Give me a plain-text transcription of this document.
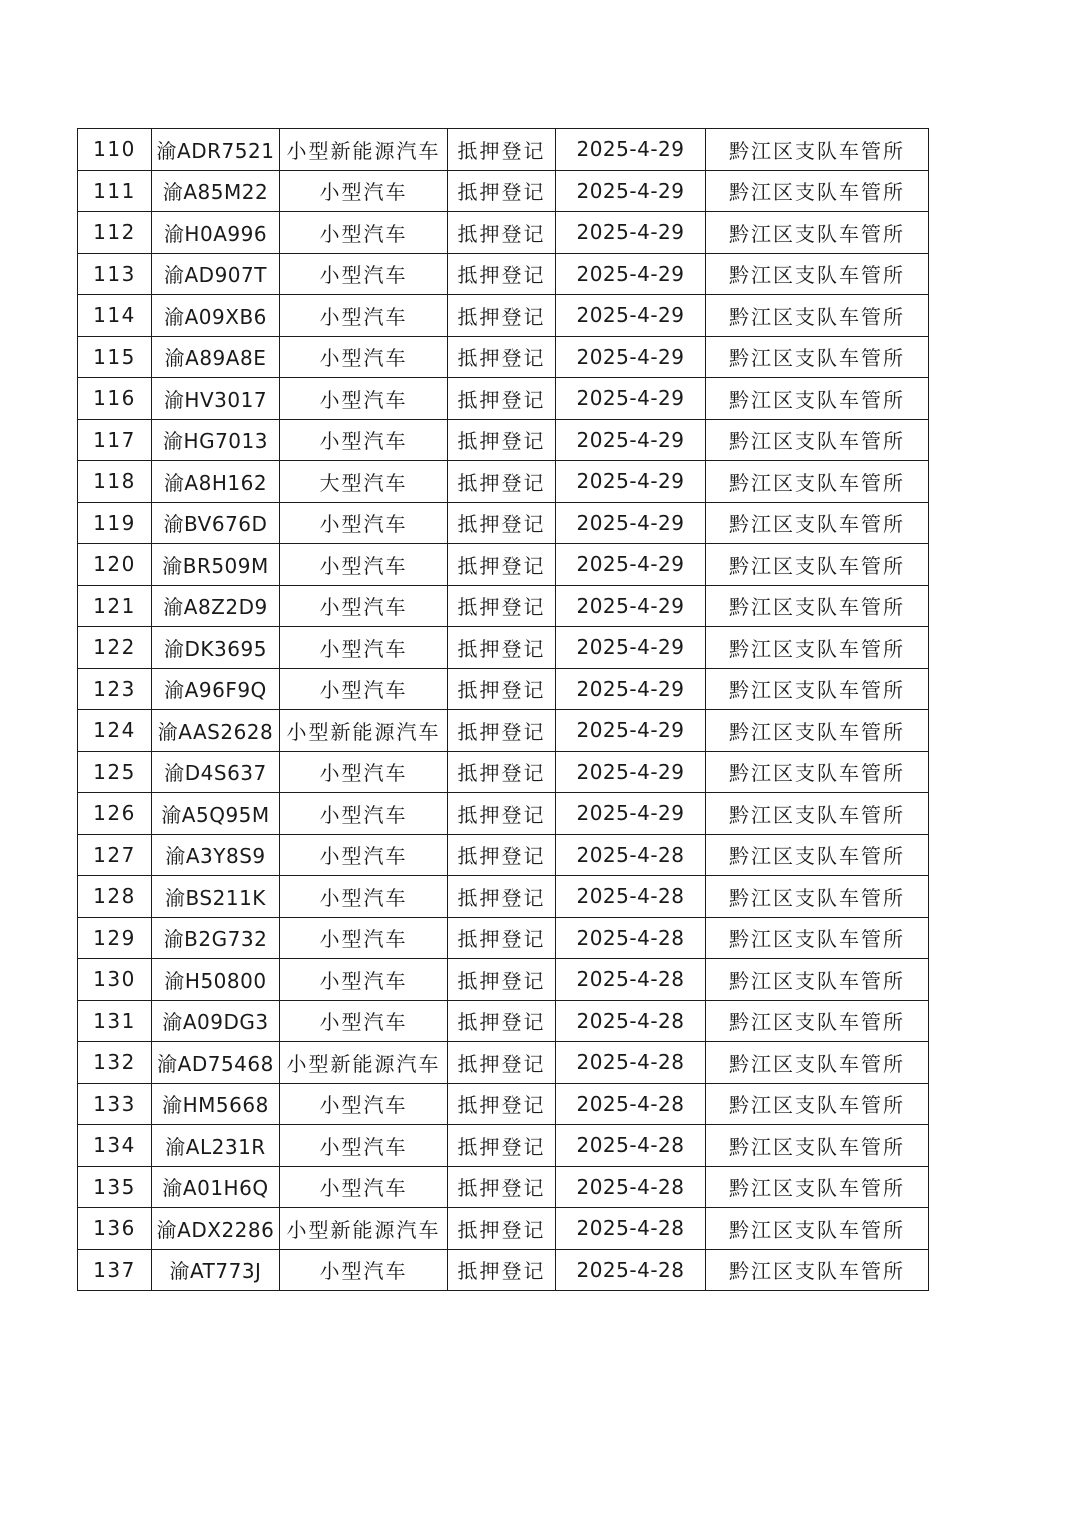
110	渝ADR7521	小型新能源汽车	抵押登记	2025-4-29	黔江区支队车管所
111	渝A85M22	小型汽车	抵押登记	2025-4-29	黔江区支队车管所
112	渝H0A996	小型汽车	抵押登记	2025-4-29	黔江区支队车管所
113	渝AD907T	小型汽车	抵押登记	2025-4-29	黔江区支队车管所
114	渝A09XB6	小型汽车	抵押登记	2025-4-29	黔江区支队车管所
115	渝A89A8E	小型汽车	抵押登记	2025-4-29	黔江区支队车管所
116	渝HV3017	小型汽车	抵押登记	2025-4-29	黔江区支队车管所
117	渝HG7013	小型汽车	抵押登记	2025-4-29	黔江区支队车管所
118	渝A8H162	大型汽车	抵押登记	2025-4-29	黔江区支队车管所
119	渝BV676D	小型汽车	抵押登记	2025-4-29	黔江区支队车管所
120	渝BR509M	小型汽车	抵押登记	2025-4-29	黔江区支队车管所
121	渝A8Z2D9	小型汽车	抵押登记	2025-4-29	黔江区支队车管所
122	渝DK3695	小型汽车	抵押登记	2025-4-29	黔江区支队车管所
123	渝A96F9Q	小型汽车	抵押登记	2025-4-29	黔江区支队车管所
124	渝AAS2628	小型新能源汽车	抵押登记	2025-4-29	黔江区支队车管所
125	渝D4S637	小型汽车	抵押登记	2025-4-29	黔江区支队车管所
126	渝A5Q95M	小型汽车	抵押登记	2025-4-29	黔江区支队车管所
127	渝A3Y8S9	小型汽车	抵押登记	2025-4-28	黔江区支队车管所
128	渝BS211K	小型汽车	抵押登记	2025-4-28	黔江区支队车管所
129	渝B2G732	小型汽车	抵押登记	2025-4-28	黔江区支队车管所
130	渝H50800	小型汽车	抵押登记	2025-4-28	黔江区支队车管所
131	渝A09DG3	小型汽车	抵押登记	2025-4-28	黔江区支队车管所
132	渝AD75468	小型新能源汽车	抵押登记	2025-4-28	黔江区支队车管所
133	渝HM5668	小型汽车	抵押登记	2025-4-28	黔江区支队车管所
134	渝AL231R	小型汽车	抵押登记	2025-4-28	黔江区支队车管所
135	渝A01H6Q	小型汽车	抵押登记	2025-4-28	黔江区支队车管所
136	渝ADX2286	小型新能源汽车	抵押登记	2025-4-28	黔江区支队车管所
137	渝AT773J	小型汽车	抵押登记	2025-4-28	黔江区支队车管所
